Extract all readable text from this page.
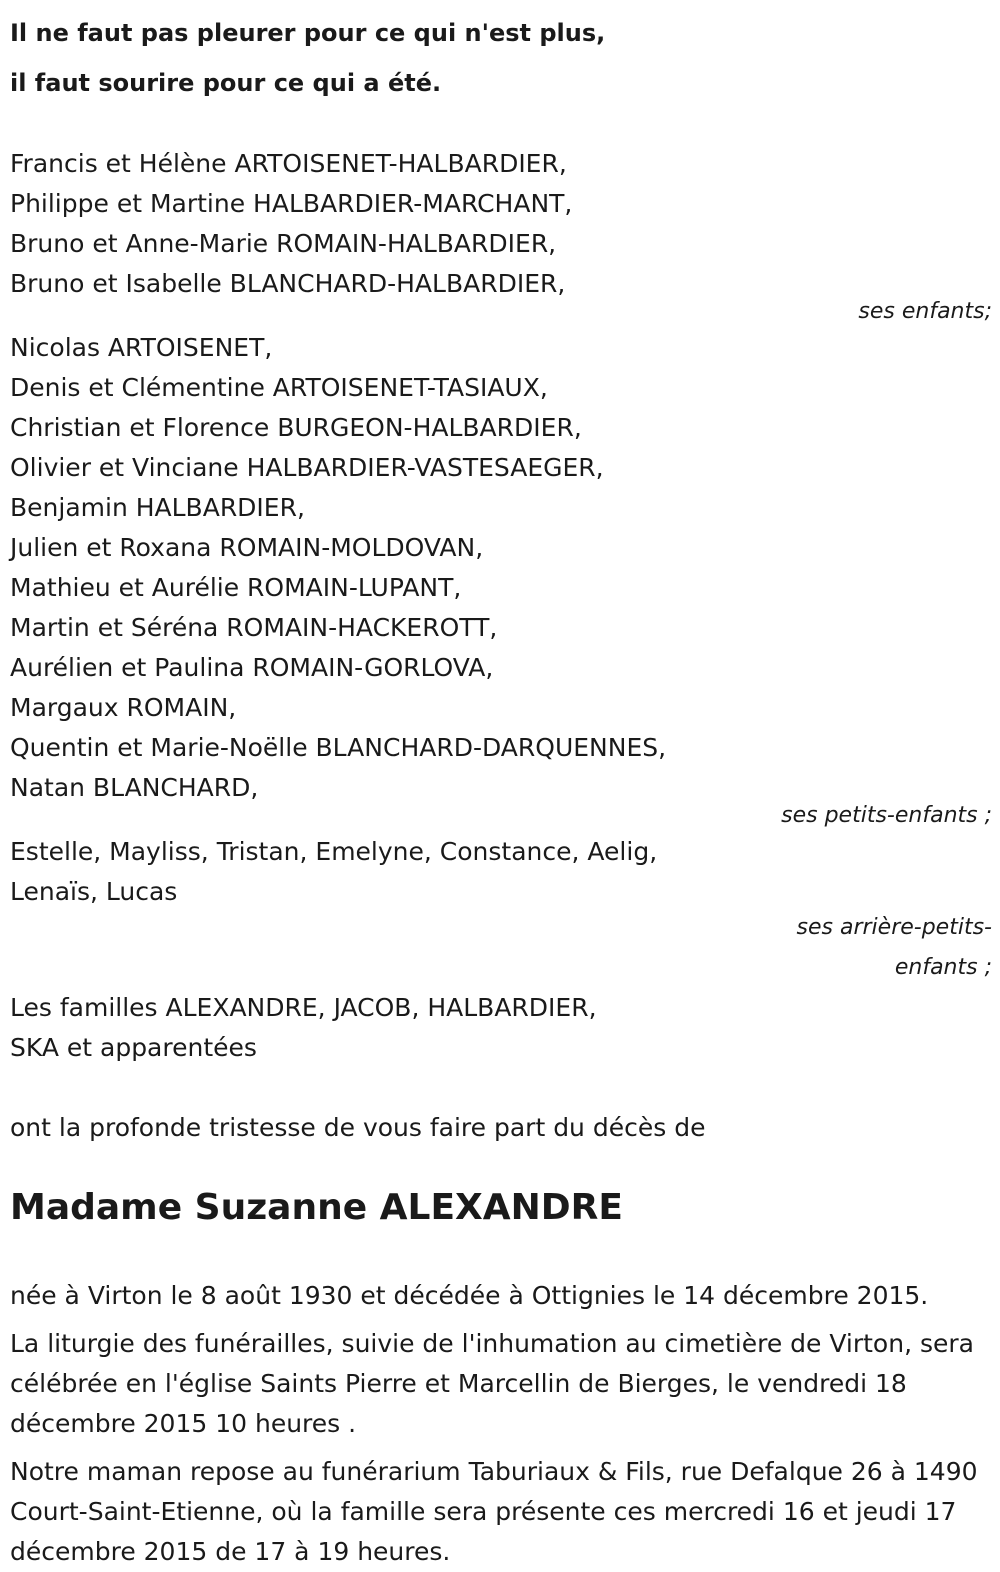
Il ne faut pas pleurer pour ce qui n'est plus,
il faut sourire pour ce qui a été.
Francis et Hélène ARTOISENET-HALBARDIER,
Philippe et Martine HALBARDIER-MARCHANT,
Bruno et Anne-Marie ROMAIN-HALBARDIER,
Bruno et Isabelle BLANCHARD-HALBARDIER,
ses enfants;
Nicolas ARTOISENET,
Denis et Clémentine ARTOISENET-TASIAUX,
Christian et Florence BURGEON-HALBARDIER,
Olivier et Vinciane HALBARDIER-VASTESAEGER,
Benjamin HALBARDIER,
Julien et Roxana ROMAIN-MOLDOVAN,
Mathieu et Aurélie ROMAIN-LUPANT,
Martin et Séréna ROMAIN-HACKEROTT,
Aurélien et Paulina ROMAIN-GORLOVA,
Margaux ROMAIN,
Quentin et Marie-Noëlle BLANCHARD-DARQUENNES,
Natan BLANCHARD,
ses petits-enfants ;
Estelle, Mayliss, Tristan, Emelyne, Constance, Aelig,
Lenaïs, Lucas
ses arrière-petits-
enfants ;
Les familles ALEXANDRE, JACOB, HALBARDIER,
SKA et apparentées

ont la profonde tristesse de vous faire part du décès de

Madame Suzanne ALEXANDRE

née à Virton le 8 août 1930 et décédée à Ottignies le 14 décembre 2015.

La liturgie des funérailles, suivie de l'inhumation au cimetière de Virton, sera célébrée en l'église Saints Pierre et Marcellin de Bierges, le vendredi 18 décembre 2015 10 heures .

Notre maman repose au funérarium Taburiaux & Fils, rue Defalque 26 à 1490 Court-Saint-Etienne, où la famille sera présente ces mercredi 16 et jeudi 17 décembre 2015 de 17 à 19 heures.
